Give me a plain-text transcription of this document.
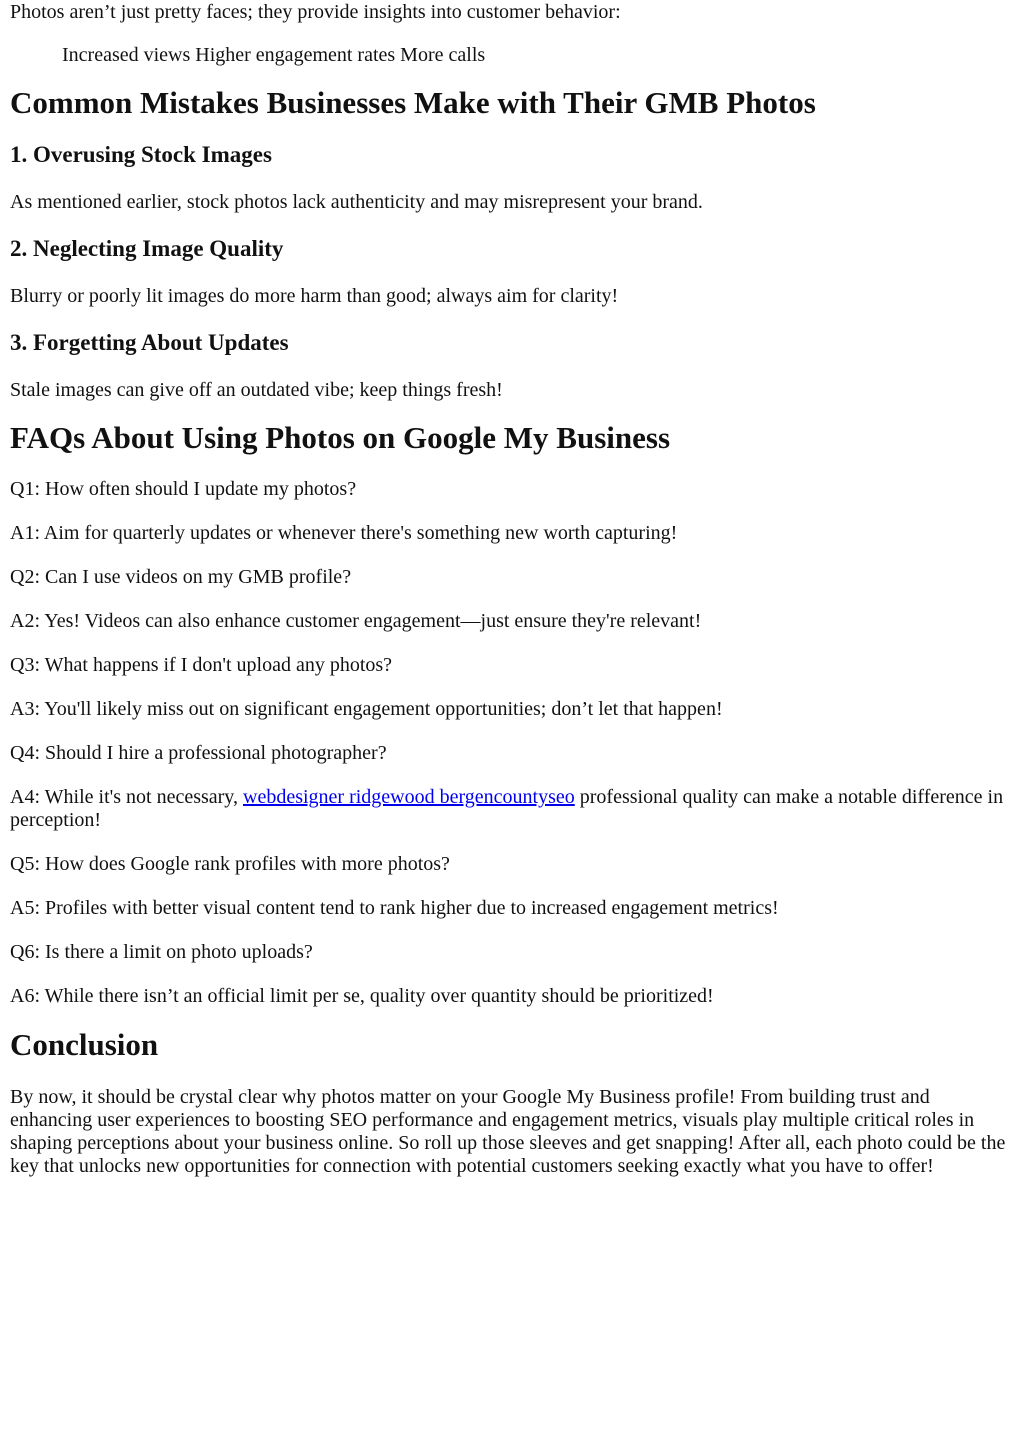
Photos aren’t just pretty faces; they provide insights into customer behavior:

Increased views Higher engagement rates More calls
Common Mistakes Businesses Make with Their GMB Photos
1. Overusing Stock Images

As mentioned earlier, stock photos lack authenticity and may misrepresent your brand.

2. Neglecting Image Quality

Blurry or poorly lit images do more harm than good; always aim for clarity!

3. Forgetting About Updates

Stale images can give off an outdated vibe; keep things fresh!

FAQs About Using Photos on Google My Business

Q1: How often should I update my photos?

A1: Aim for quarterly updates or whenever there's something new worth capturing!

Q2: Can I use videos on my GMB profile?

A2: Yes! Videos can also enhance customer engagement—just ensure they're relevant!

Q3: What happens if I don't upload any photos?

A3: You'll likely miss out on significant engagement opportunities; don’t let that happen!

Q4: Should I hire a professional photographer?

A4: While it's not necessary, webdesigner ridgewood bergencountyseo professional quality can make a notable difference in perception!

Q5: How does Google rank profiles with more photos?

A5: Profiles with better visual content tend to rank higher due to increased engagement metrics!

Q6: Is there a limit on photo uploads?

A6: While there isn’t an official limit per se, quality over quantity should be prioritized!

Conclusion

By now, it should be crystal clear why photos matter on your Google My Business profile! From building trust and enhancing user experiences to boosting SEO performance and engagement metrics, visuals play multiple critical roles in shaping perceptions about your business online. So roll up those sleeves and get snapping! After all, each photo could be the key that unlocks new opportunities for connection with potential customers seeking exactly what you have to offer!
